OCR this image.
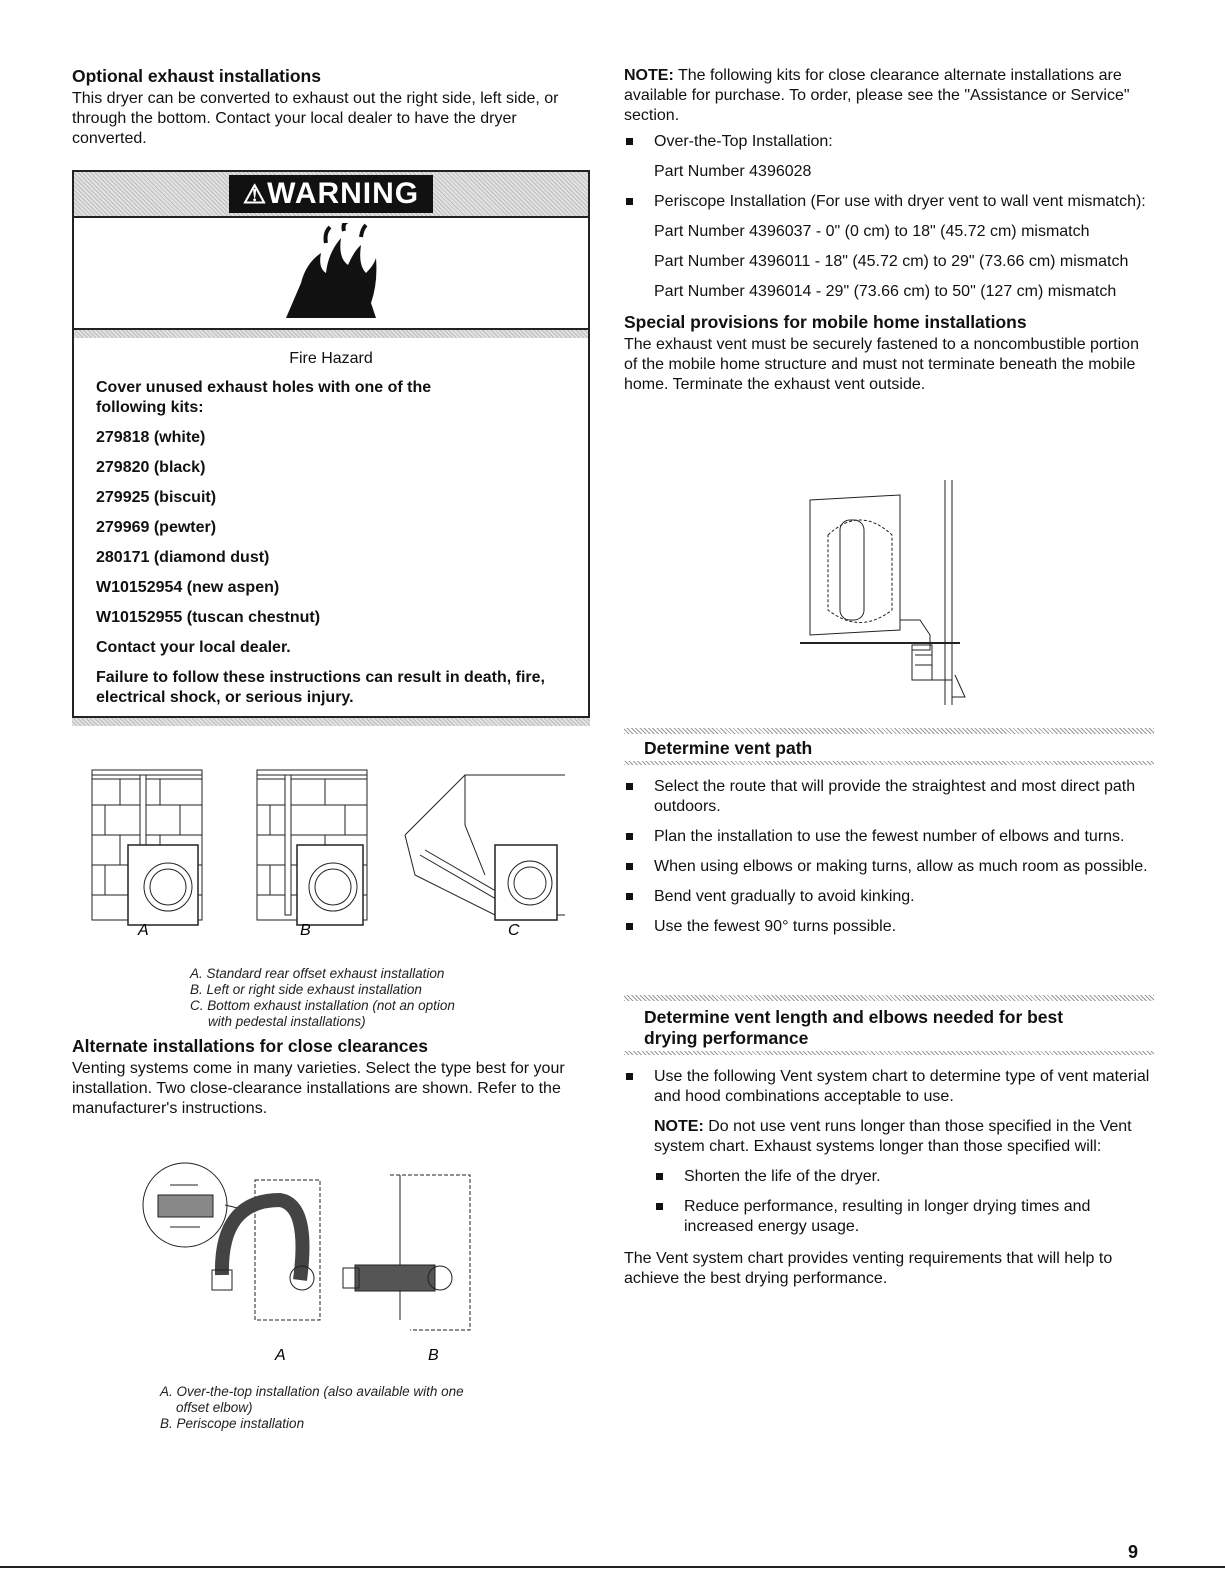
Optional exhaust installations

This dryer can be converted to exhaust out the right side, left side, or through the bottom. Contact your local dealer to have the dryer converted.

⚠WARNING
Fire Hazard
Cover unused exhaust holes with one of the following kits:
279818 (white)
279820 (black)
279925 (biscuit)
279969 (pewter)
280171 (diamond dust)
W10152954 (new aspen)
W10152955 (tuscan chestnut)
Contact your local dealer.
Failure to follow these instructions can result in death, fire, electrical shock, or serious injury.
A	B	C
A. Standard rear offset exhaust installation
B. Left or right side exhaust installation
C. Bottom exhaust installation (not an option
with pedestal installations)
Alternate installations for close clearances

Venting systems come in many varieties. Select the type best for your installation. Two close-clearance installations are shown. Refer to the manufacturer's instructions.

A	B
A. Over-the-top installation (also available with one
offset elbow)
B. Periscope installation

NOTE: The following kits for close clearance alternate installations are available for purchase. To order, please see the "Assistance or Service" section.

Over-the-Top Installation:
Part Number 4396028
Periscope Installation (For use with dryer vent to wall vent mismatch):
Part Number 4396037 - 0" (0 cm) to 18" (45.72 cm) mismatch
Part Number 4396011 - 18" (45.72 cm) to 29" (73.66 cm) mismatch
Part Number 4396014 - 29" (73.66 cm) to 50" (127 cm) mismatch
Special provisions for mobile home installations

The exhaust vent must be securely fastened to a noncombustible portion of the mobile home structure and must not terminate beneath the mobile home. Terminate the exhaust vent outside.

Determine vent path
Select the route that will provide the straightest and most direct path outdoors.
Plan the installation to use the fewest number of elbows and turns.
When using elbows or making turns, allow as much room as possible.
Bend vent gradually to avoid kinking.
Use the fewest 90° turns possible.
Determine vent length and elbows needed for best drying performance
Use the following Vent system chart to determine type of vent material and hood combinations acceptable to use.

NOTE: Do not use vent runs longer than those specified in the Vent system chart. Exhaust systems longer than those specified will:

Shorten the life of the dryer.
Reduce performance, resulting in longer drying times and increased energy usage.

The Vent system chart provides venting requirements that will help to achieve the best drying performance.

9
